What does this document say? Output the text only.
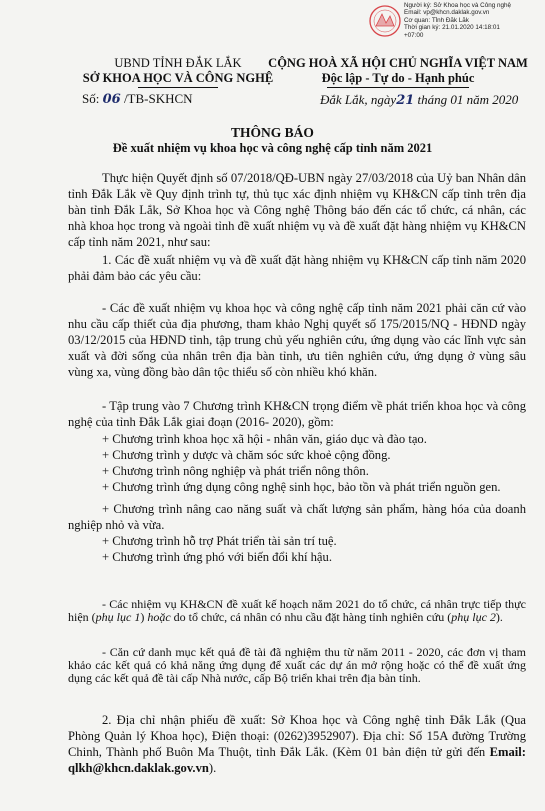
Người ký: Sở Khoa học và Công nghệ
Email: vp@khcn.daklak.gov.vn
Cơ quan: Tỉnh Đắk Lắk
Thời gian ký: 21.01.2020 14:18:01
+07:00
UBND TỈNH ĐẮK LẮK
SỞ KHOA HỌC VÀ CÔNG NGHỆ
Số: 06 /TB-SKHCN
CỘNG HOÀ XÃ HỘI CHỦ NGHĨA VIỆT NAM
Độc lập - Tự do - Hạnh phúc
Đắk Lắk, ngày21 tháng 01 năm 2020
THÔNG BÁO
Đề xuất nhiệm vụ khoa học và công nghệ cấp tỉnh năm 2021
Thực hiện Quyết định số 07/2018/QĐ-UBN ngày 27/03/2018 của Uỷ ban Nhân dân tỉnh Đắk Lắk về Quy định trình tự, thủ tục xác định nhiệm vụ KH&CN cấp tỉnh trên địa bàn tỉnh Đắk Lắk, Sở Khoa học và Công nghệ Thông báo đến các tổ chức, cá nhân, các nhà khoa học trong và ngoài tỉnh đề xuất nhiệm vụ và đề xuất đặt hàng nhiệm vụ KH&CN cấp tỉnh năm 2021, như sau:
1. Các đề xuất nhiệm vụ và đề xuất đặt hàng nhiệm vụ KH&CN cấp tỉnh năm 2020 phải đảm bảo các yêu cầu:
- Các đề xuất nhiệm vụ khoa học và công nghệ cấp tỉnh năm 2021 phải căn cứ vào nhu cầu cấp thiết của địa phương, tham khảo Nghị quyết số 175/2015/NQ - HĐND ngày 03/12/2015 của HĐND tỉnh, tập trung chủ yếu nghiên cứu, ứng dụng vào các lĩnh vực sản xuất và đời sống của nhân trên địa bàn tỉnh, ưu tiên nghiên cứu, ứng dụng ở vùng sâu vùng xa, vùng đồng bào dân tộc thiểu số còn nhiều khó khăn.
- Tập trung vào 7 Chương trình KH&CN trọng điểm về phát triển khoa học và công nghệ của tỉnh Đắk Lắk giai đoạn (2016- 2020), gồm:
+ Chương trình khoa học xã hội - nhân văn, giáo dục và đào tạo.
+ Chương trình y dược và chăm sóc sức khoẻ cộng đồng.
+ Chương trình nông nghiệp và phát triển nông thôn.
+ Chương trình ứng dụng công nghệ sinh học, bảo tồn và phát triển nguồn gen.
+ Chương trình nâng cao năng suất và chất lượng sản phẩm, hàng hóa của doanh nghiệp nhỏ và vừa.
+ Chương trình hỗ trợ Phát triển tài sản trí tuệ.
+ Chương trình ứng phó với biến đổi khí hậu.
- Các nhiệm vụ KH&CN đề xuất kế hoạch năm 2021 do tổ chức, cá nhân trực tiếp thực hiện (phụ lục 1) hoặc do tổ chức, cá nhân có nhu cầu đặt hàng tỉnh nghiên cứu (phụ lục 2).
- Căn cứ danh mục kết quả đề tài đã nghiệm thu từ năm 2011 - 2020, các đơn vị tham khảo các kết quả có khả năng ứng dụng để xuất các dự án mở rộng hoặc có thể đề xuất ứng dụng các kết quả đề tài cấp Nhà nước, cấp Bộ triển khai trên địa bàn tỉnh.
2. Địa chỉ nhận phiếu đề xuất: Sở Khoa học và Công nghệ tỉnh Đắk Lắk (Qua Phòng Quản lý Khoa học), Điện thoại: (0262)3952907). Địa chỉ: Số 15A đường Trường Chinh, Thành phố Buôn Ma Thuột, tỉnh Đắk Lắk. (Kèm 01 bản điện tử gửi đến Email: qlkh@khcn.daklak.gov.vn).
